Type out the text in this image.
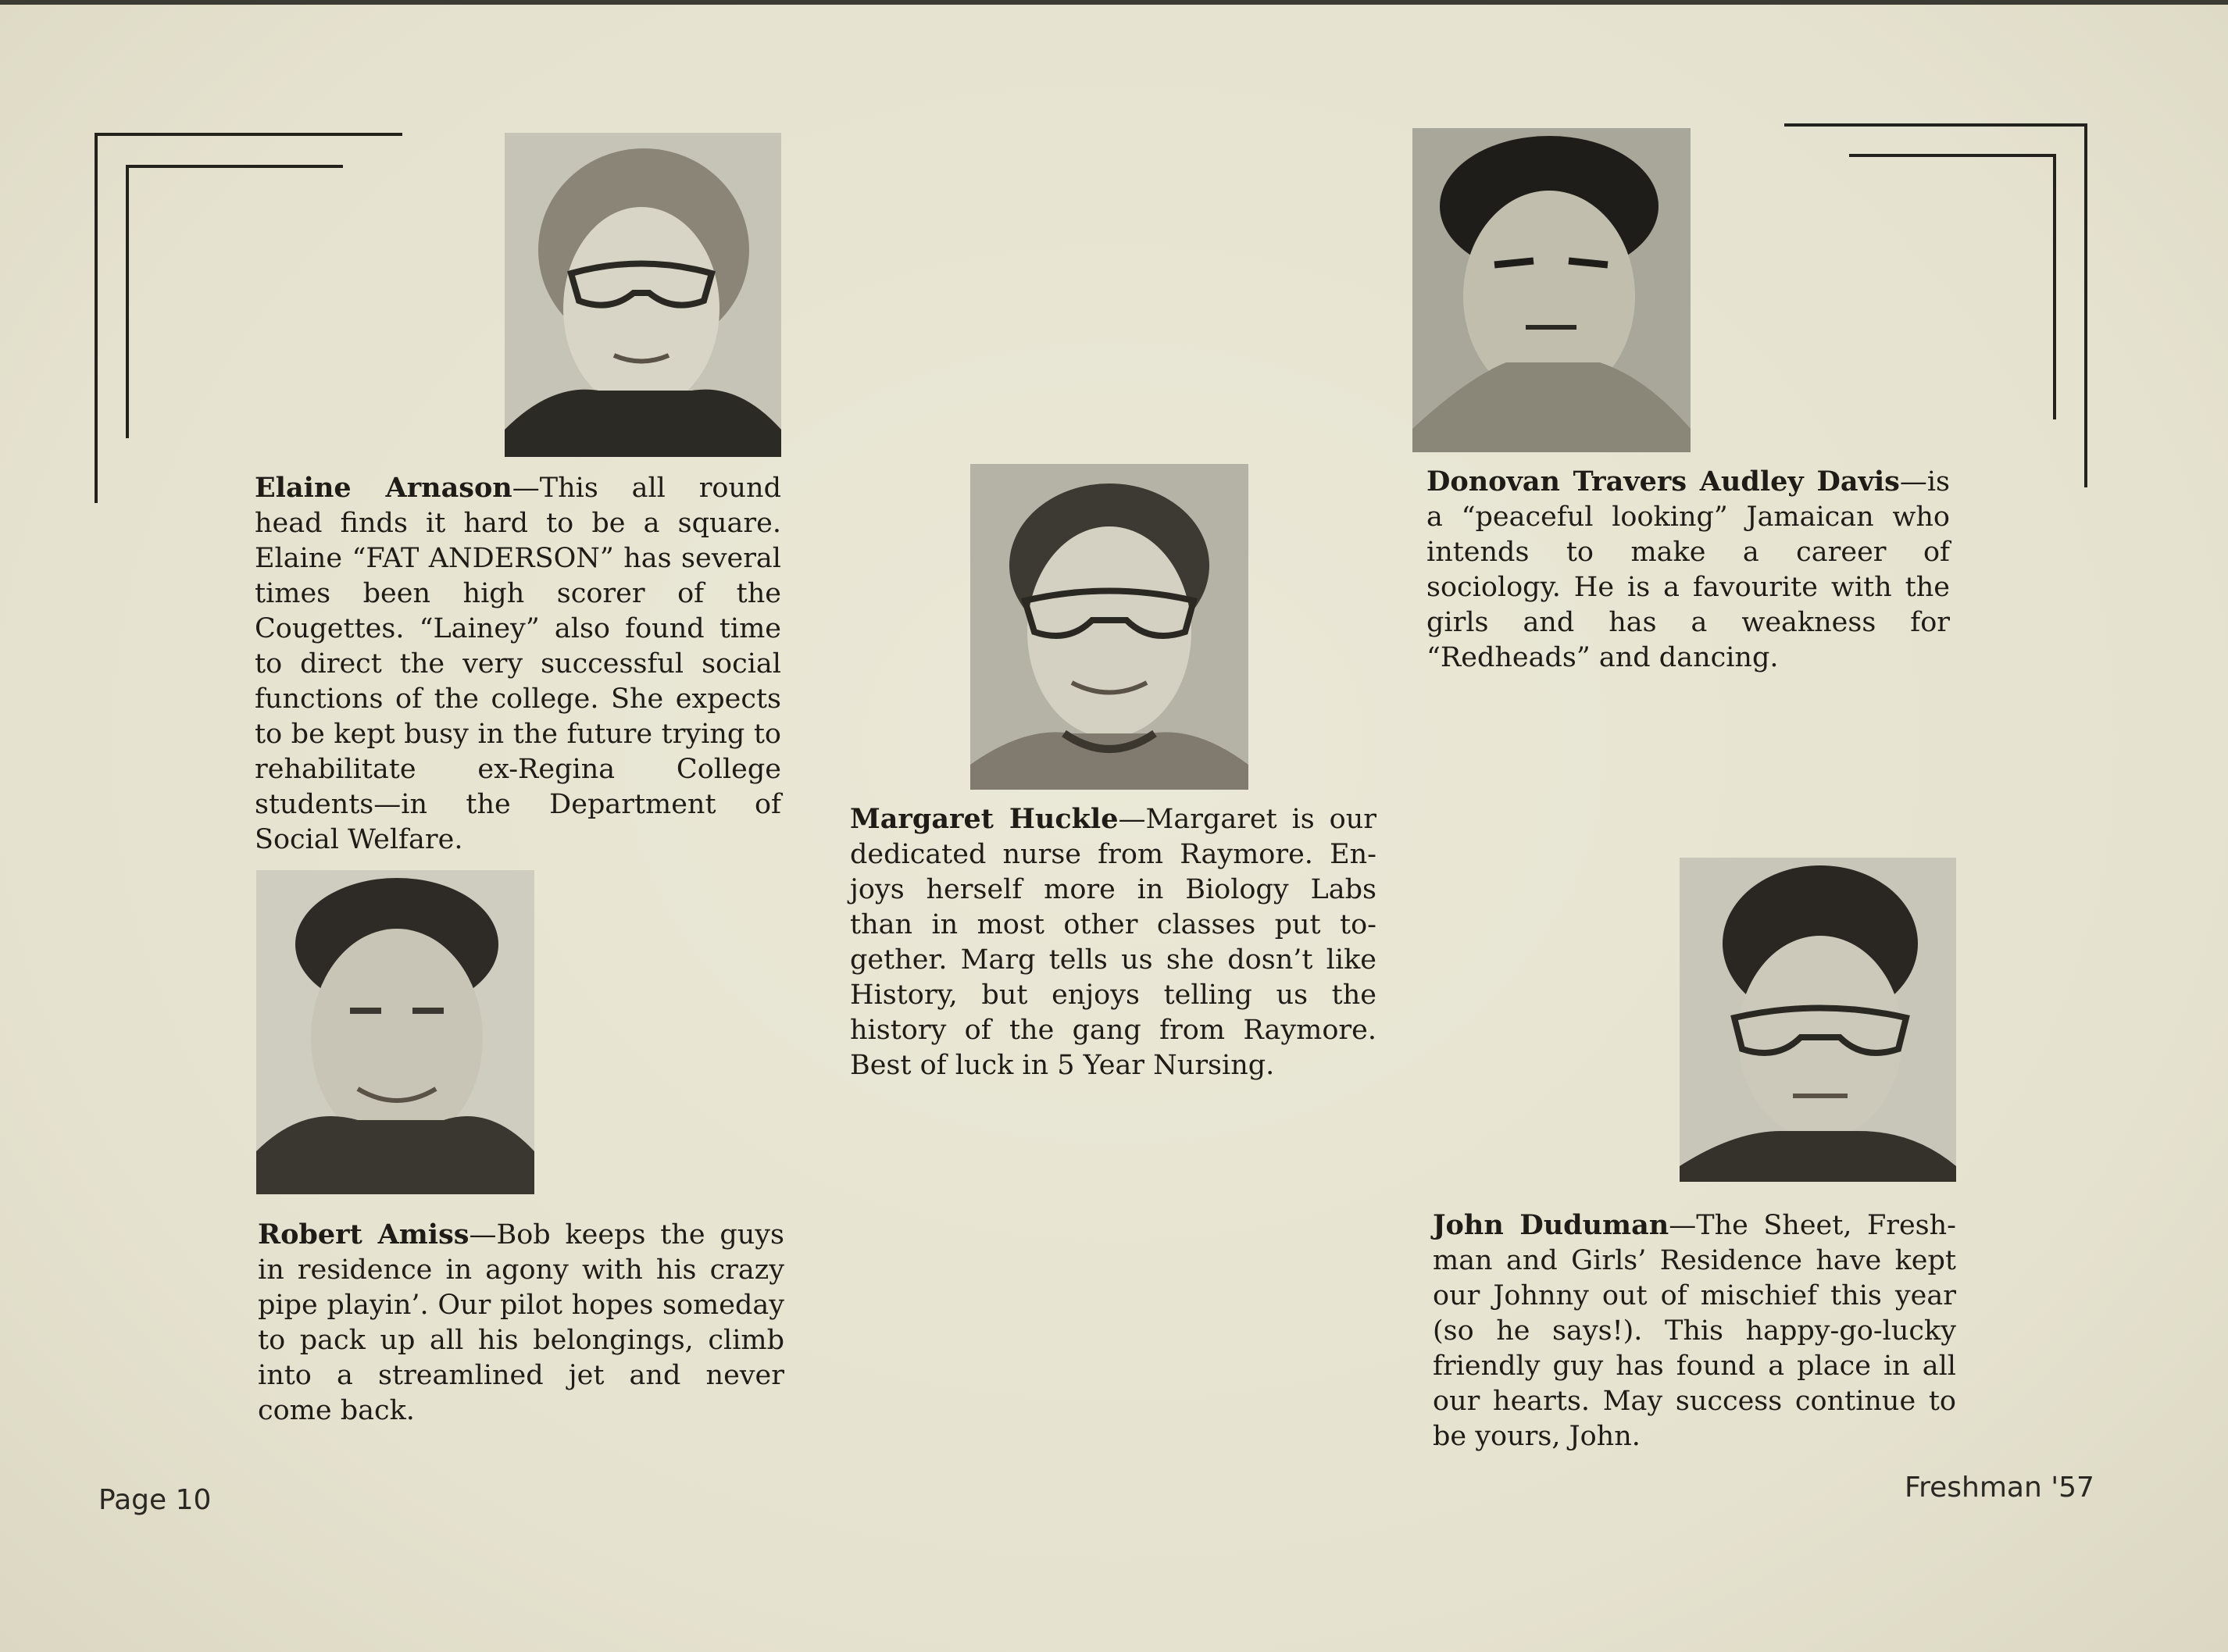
Elaine Arnason—This all round head finds it hard to be a square. Elaine “FAT ANDERSON” has several times been high scorer of the Cougettes. “Lainey” also found time to direct the very successful social functions of the college. She expects to be kept busy in the future trying to rehabilitate ex-Regina College students—in the Department of Social Welfare.

Robert Amiss—Bob keeps the guys in residence in agony with his crazy pipe playin’. Our pilot hopes someday to pack up all his belongings, climb into a streamlined jet and never come back.

Margaret Huckle—Margaret is our dedicated nurse from Raymore. Enjoys herself more in Biology Labs than in most other classes put together. Marg tells us she dosn’t like History, but enjoys telling us the history of the gang from Raymore. Best of luck in 5 Year Nursing.

Donovan Travers Audley Davis—is a “peaceful looking” Jamaican who intends to make a career of sociology. He is a favourite with the girls and has a weakness for “Redheads” and dancing.

John Duduman—The Sheet, Freshman and Girls’ Residence have kept our Johnny out of mischief this year (so he says!). This happy-go-lucky friendly guy has found a place in all our hearts. May success continue to be yours, John.

Page 10	Freshman '57
